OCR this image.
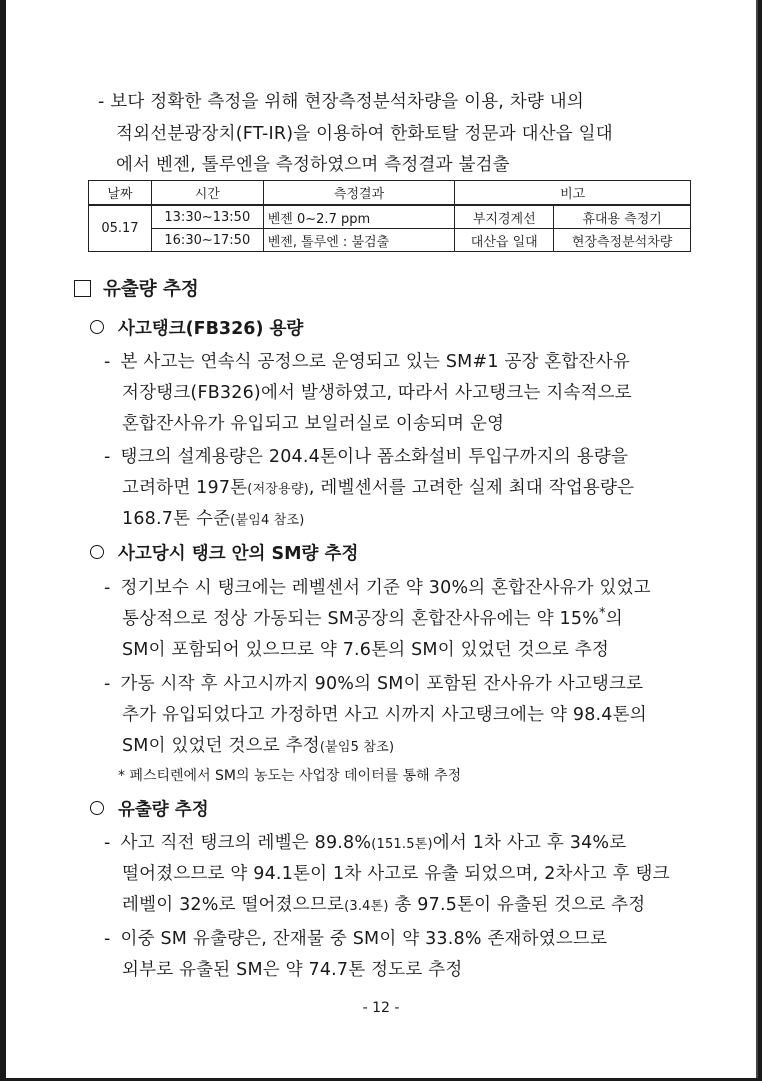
- 보다 정확한 측정을 위해 현장측정분석차량을 이용, 차량 내의
적외선분광장치(FT-IR)을 이용하여 한화토탈 정문과 대산읍 일대
에서 벤젠, 톨루엔을 측정하였으며 측정결과 불검출
날짜	시간	측정결과	비고	
05.17	13:30∼13:50	벤젠 0∼2.7 ppm	부지경계선	휴대용 측정기
	16:30∼17:50	벤젠, 톨루엔 : 불검출	대산읍 일대	현장측정분석차량
유출량 추정
사고탱크(FB326) 용량
- 본 사고는 연속식 공정으로 운영되고 있는 SM#1 공장 혼합잔사유
저장탱크(FB326)에서 발생하였고, 따라서 사고탱크는 지속적으로
혼합잔사유가 유입되고 보일러실로 이송되며 운영
- 탱크의 설계용량은 204.4톤이나 폼소화설비 투입구까지의 용량을
고려하면 197톤(저장용량), 레벨센서를 고려한 실제 최대 작업용량은
168.7톤 수준(붙임4 참조)
사고당시 탱크 안의 SM량 추정
- 정기보수 시 탱크에는 레벨센서 기준 약 30%의 혼합잔사유가 있었고
통상적으로 정상 가동되는 SM공장의 혼합잔사유에는 약 15%*의
SM이 포함되어 있으므로 약 7.6톤의 SM이 있었던 것으로 추정
- 가동 시작 후 사고시까지 90%의 SM이 포함된 잔사유가 사고탱크로
추가 유입되었다고 가정하면 사고 시까지 사고탱크에는 약 98.4톤의
SM이 있었던 것으로 추정(붙임5 참조)
* 페스티렌에서 SM의 농도는 사업장 데이터를 통해 추정
유출량 추정
- 사고 직전 탱크의 레벨은 89.8%(151.5톤)에서 1차 사고 후 34%로
떨어졌으므로 약 94.1톤이 1차 사고로 유출 되었으며, 2차사고 후 탱크
레벨이 32%로 떨어졌으므로(3.4톤) 총 97.5톤이 유출된 것으로 추정
- 이중 SM 유출량은, 잔재물 중 SM이 약 33.8% 존재하였으므로
외부로 유출된 SM은 약 74.7톤 정도로 추정
- 12 -
